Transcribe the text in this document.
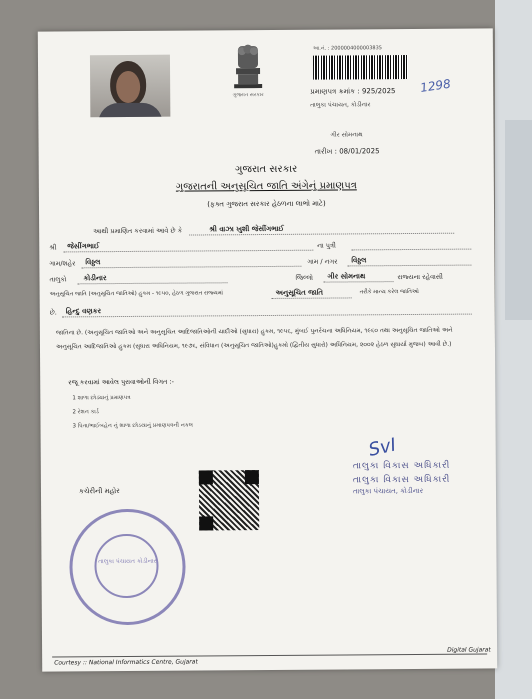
ગુજરાત સરકાર
આ.નં. : 2000004000003835
પ્રમાણપત્ર ક્રમાંક : 925/2025 1298
તાલુકા પંચાયત, કોડીનાર
ગીર સોમનાથ
તારીખ : 08/01/2025
ગુજરાત સરકાર
ગુજરાતની અનુસૂચિત જાતિ અંગેનું પ્રમાણપત્ર
(ફક્ત ગુજરાત સરકાર હેઠળના લાભો માટે)
આથી પ્રમાણિત કરવામાં આવે છે કે	શ્રી વાઝા ખુશી જેસીંગભાઈ
શ્રી જેસીંગભાઈ	ના પુત્રી
ગામ/શહેર વિઠ્ઠલ	ગામ / નગર વિઠ્ઠલ
તાલુકો કોડીનાર	જિલ્લો ગીર સોમનાથ	રાજ્યના રહેવાસી
અનુસૂચિત જાતિ (અનુસૂચિત જાતિઓ) હુકમ - ૧૯૫૦, હેઠળ ગુજરાત રાજ્યમાં	અનુસૂચિત જાતિ	તરીકે માન્ય કરેલ જાતિઓ
છે. હિન્દુ વણકર
જાતિના છે. (અનુસૂચિત જાતિઓ અને અનુસૂચિત આદિજાતિઓની યાદીઓ (સુધારા) હુકમ, ૧૯૫૬, મુંબઈ પુનર્રચના અધિનિયમ, ૧૯૬૦ તથા અનુસૂચિત જાતિઓ અને અનુસૂચિત આદિજાતિઓ હુકમ (સુધારા અધિનિયમ, ૧૯૭૬, સંવિધાન (અનુસૂચિત જાતિઓ)હુકમો (દ્વિતીય સુધારો) અધિનિયમ, ૨૦૦૨ હેઠળ સુધાર્યા મુજબ) આવી છે.)
રજૂ કરવામાં આવેલ પુરાવાઓની વિગત :-
1 શાળા છોડ્યાનું પ્રમાણપત્ર
2 રેશન કાર્ડ
3 પિતા/ભાઈબહેન નું શાળા છોડયાનું પ્રમાણપત્રની નકલ
કચેરીની મહોર
તાલુકા પંચાયત કોડીનાર
SvI
તાલુકા વિકાસ અધિકારી
તાલુકા વિકાસ અધિકારી
તાલુકા પંચાયત, કોડીનાર
Digital Gujarat
Courtesy :: National Informatics Centre, Gujarat
